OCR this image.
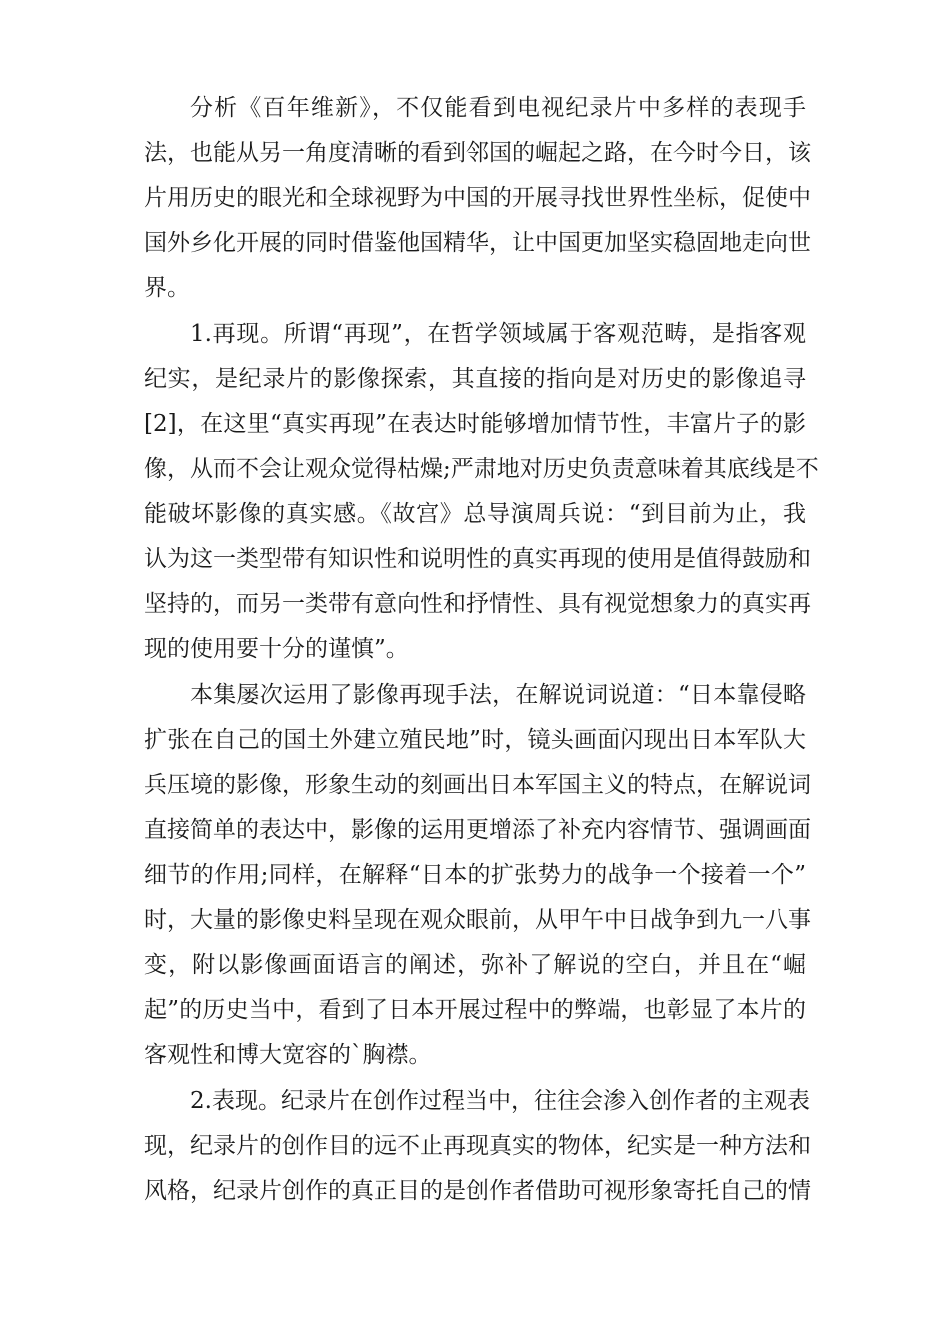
分析《百年维新》，不仅能看到电视纪录片中多样的表现手
法，也能从另一角度清晰的看到邻国的崛起之路，在今时今日，该
片用历史的眼光和全球视野为中国的开展寻找世界性坐标，促使中
国外乡化开展的同时借鉴他国精华，让中国更加坚实稳固地走向世
界。
1.再现。所谓“再现”，在哲学领域属于客观范畴，是指客观
纪实，是纪录片的影像探索，其直接的指向是对历史的影像追寻
[2]，在这里“真实再现”在表达时能够增加情节性，丰富片子的影
像，从而不会让观众觉得枯燥;严肃地对历史负责意味着其底线是不
能破坏影像的真实感。《故宫》总导演周兵说：“到目前为止，我
认为这一类型带有知识性和说明性的真实再现的使用是值得鼓励和
坚持的，而另一类带有意向性和抒情性、具有视觉想象力的真实再
现的使用要十分的谨慎”。
本集屡次运用了影像再现手法，在解说词说道：“日本靠侵略
扩张在自己的国土外建立殖民地”时，镜头画面闪现出日本军队大
兵压境的影像，形象生动的刻画出日本军国主义的特点，在解说词
直接简单的表达中，影像的运用更增添了补充内容情节、强调画面
细节的作用;同样，在解释“日本的扩张势力的战争一个接着一个”
时，大量的影像史料呈现在观众眼前，从甲午中日战争到九一八事
变，附以影像画面语言的阐述，弥补了解说的空白，并且在“崛
起”的历史当中，看到了日本开展过程中的弊端，也彰显了本片的
客观性和博大宽容的`胸襟。
2.表现。纪录片在创作过程当中，往往会渗入创作者的主观表
现，纪录片的创作目的远不止再现真实的物体，纪实是一种方法和
风格，纪录片创作的真正目的是创作者借助可视形象寄托自己的情
